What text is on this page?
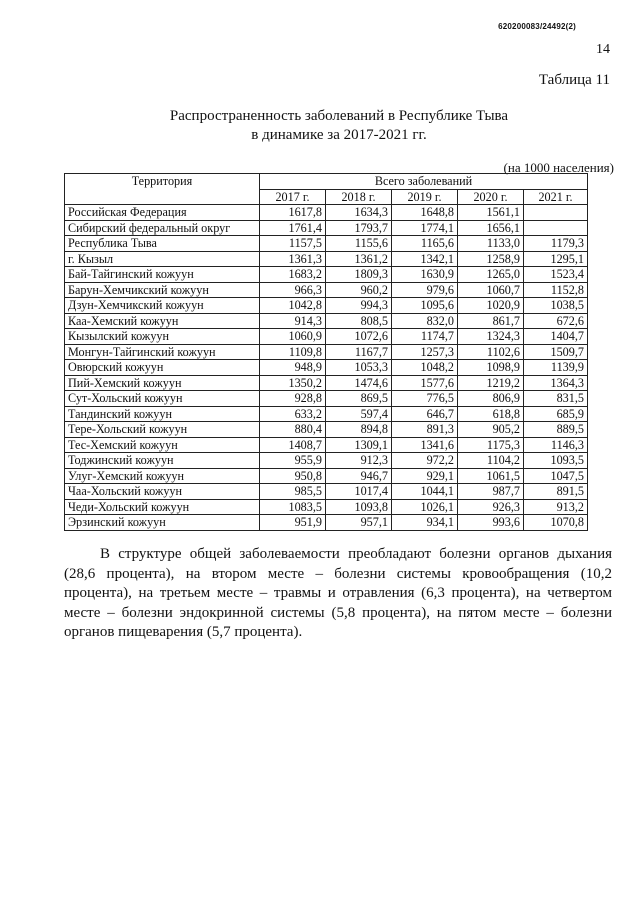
620200083/24492(2)
14
Таблица 11
Распространенность заболеваний в Республике Тыва
в динамике за 2017-2021 гг.
(на 1000 населения)
Территория	Всего заболеваний				
	2017 г.	2018 г.	2019 г.	2020 г.	2021 г.
Российская Федерация	1617,8	1634,3	1648,8	1561,1	
Сибирский федеральный округ	1761,4	1793,7	1774,1	1656,1	
Республика Тыва	1157,5	1155,6	1165,6	1133,0	1179,3
г. Кызыл	1361,3	1361,2	1342,1	1258,9	1295,1
Бай-Тайгинский кожуун	1683,2	1809,3	1630,9	1265,0	1523,4
Барун-Хемчикский кожуун	966,3	960,2	979,6	1060,7	1152,8
Дзун-Хемчикский кожуун	1042,8	994,3	1095,6	1020,9	1038,5
Каа-Хемский кожуун	914,3	808,5	832,0	861,7	672,6
Кызылский кожуун	1060,9	1072,6	1174,7	1324,3	1404,7
Монгун-Тайгинский кожуун	1109,8	1167,7	1257,3	1102,6	1509,7
Овюрский кожуун	948,9	1053,3	1048,2	1098,9	1139,9
Пий-Хемский кожуун	1350,2	1474,6	1577,6	1219,2	1364,3
Сут-Хольский кожуун	928,8	869,5	776,5	806,9	831,5
Тандинский кожуун	633,2	597,4	646,7	618,8	685,9
Тере-Хольский кожуун	880,4	894,8	891,3	905,2	889,5
Тес-Хемский кожуун	1408,7	1309,1	1341,6	1175,3	1146,3
Тоджинский кожуун	955,9	912,3	972,2	1104,2	1093,5
Улуг-Хемский кожуун	950,8	946,7	929,1	1061,5	1047,5
Чаа-Хольский кожуун	985,5	1017,4	1044,1	987,7	891,5
Чеди-Хольский кожуун	1083,5	1093,8	1026,1	926,3	913,2
Эрзинский кожуун	951,9	957,1	934,1	993,6	1070,8

В структуре общей заболеваемости преобладают болезни органов дыхания (28,6 процента), на втором месте – болезни системы кровообращения (10,2 процента), на третьем месте – травмы и отравления (6,3 процента), на четвертом месте – болезни эндокринной системы (5,8 процента), на пятом месте – болезни органов пищеварения (5,7 процента).
